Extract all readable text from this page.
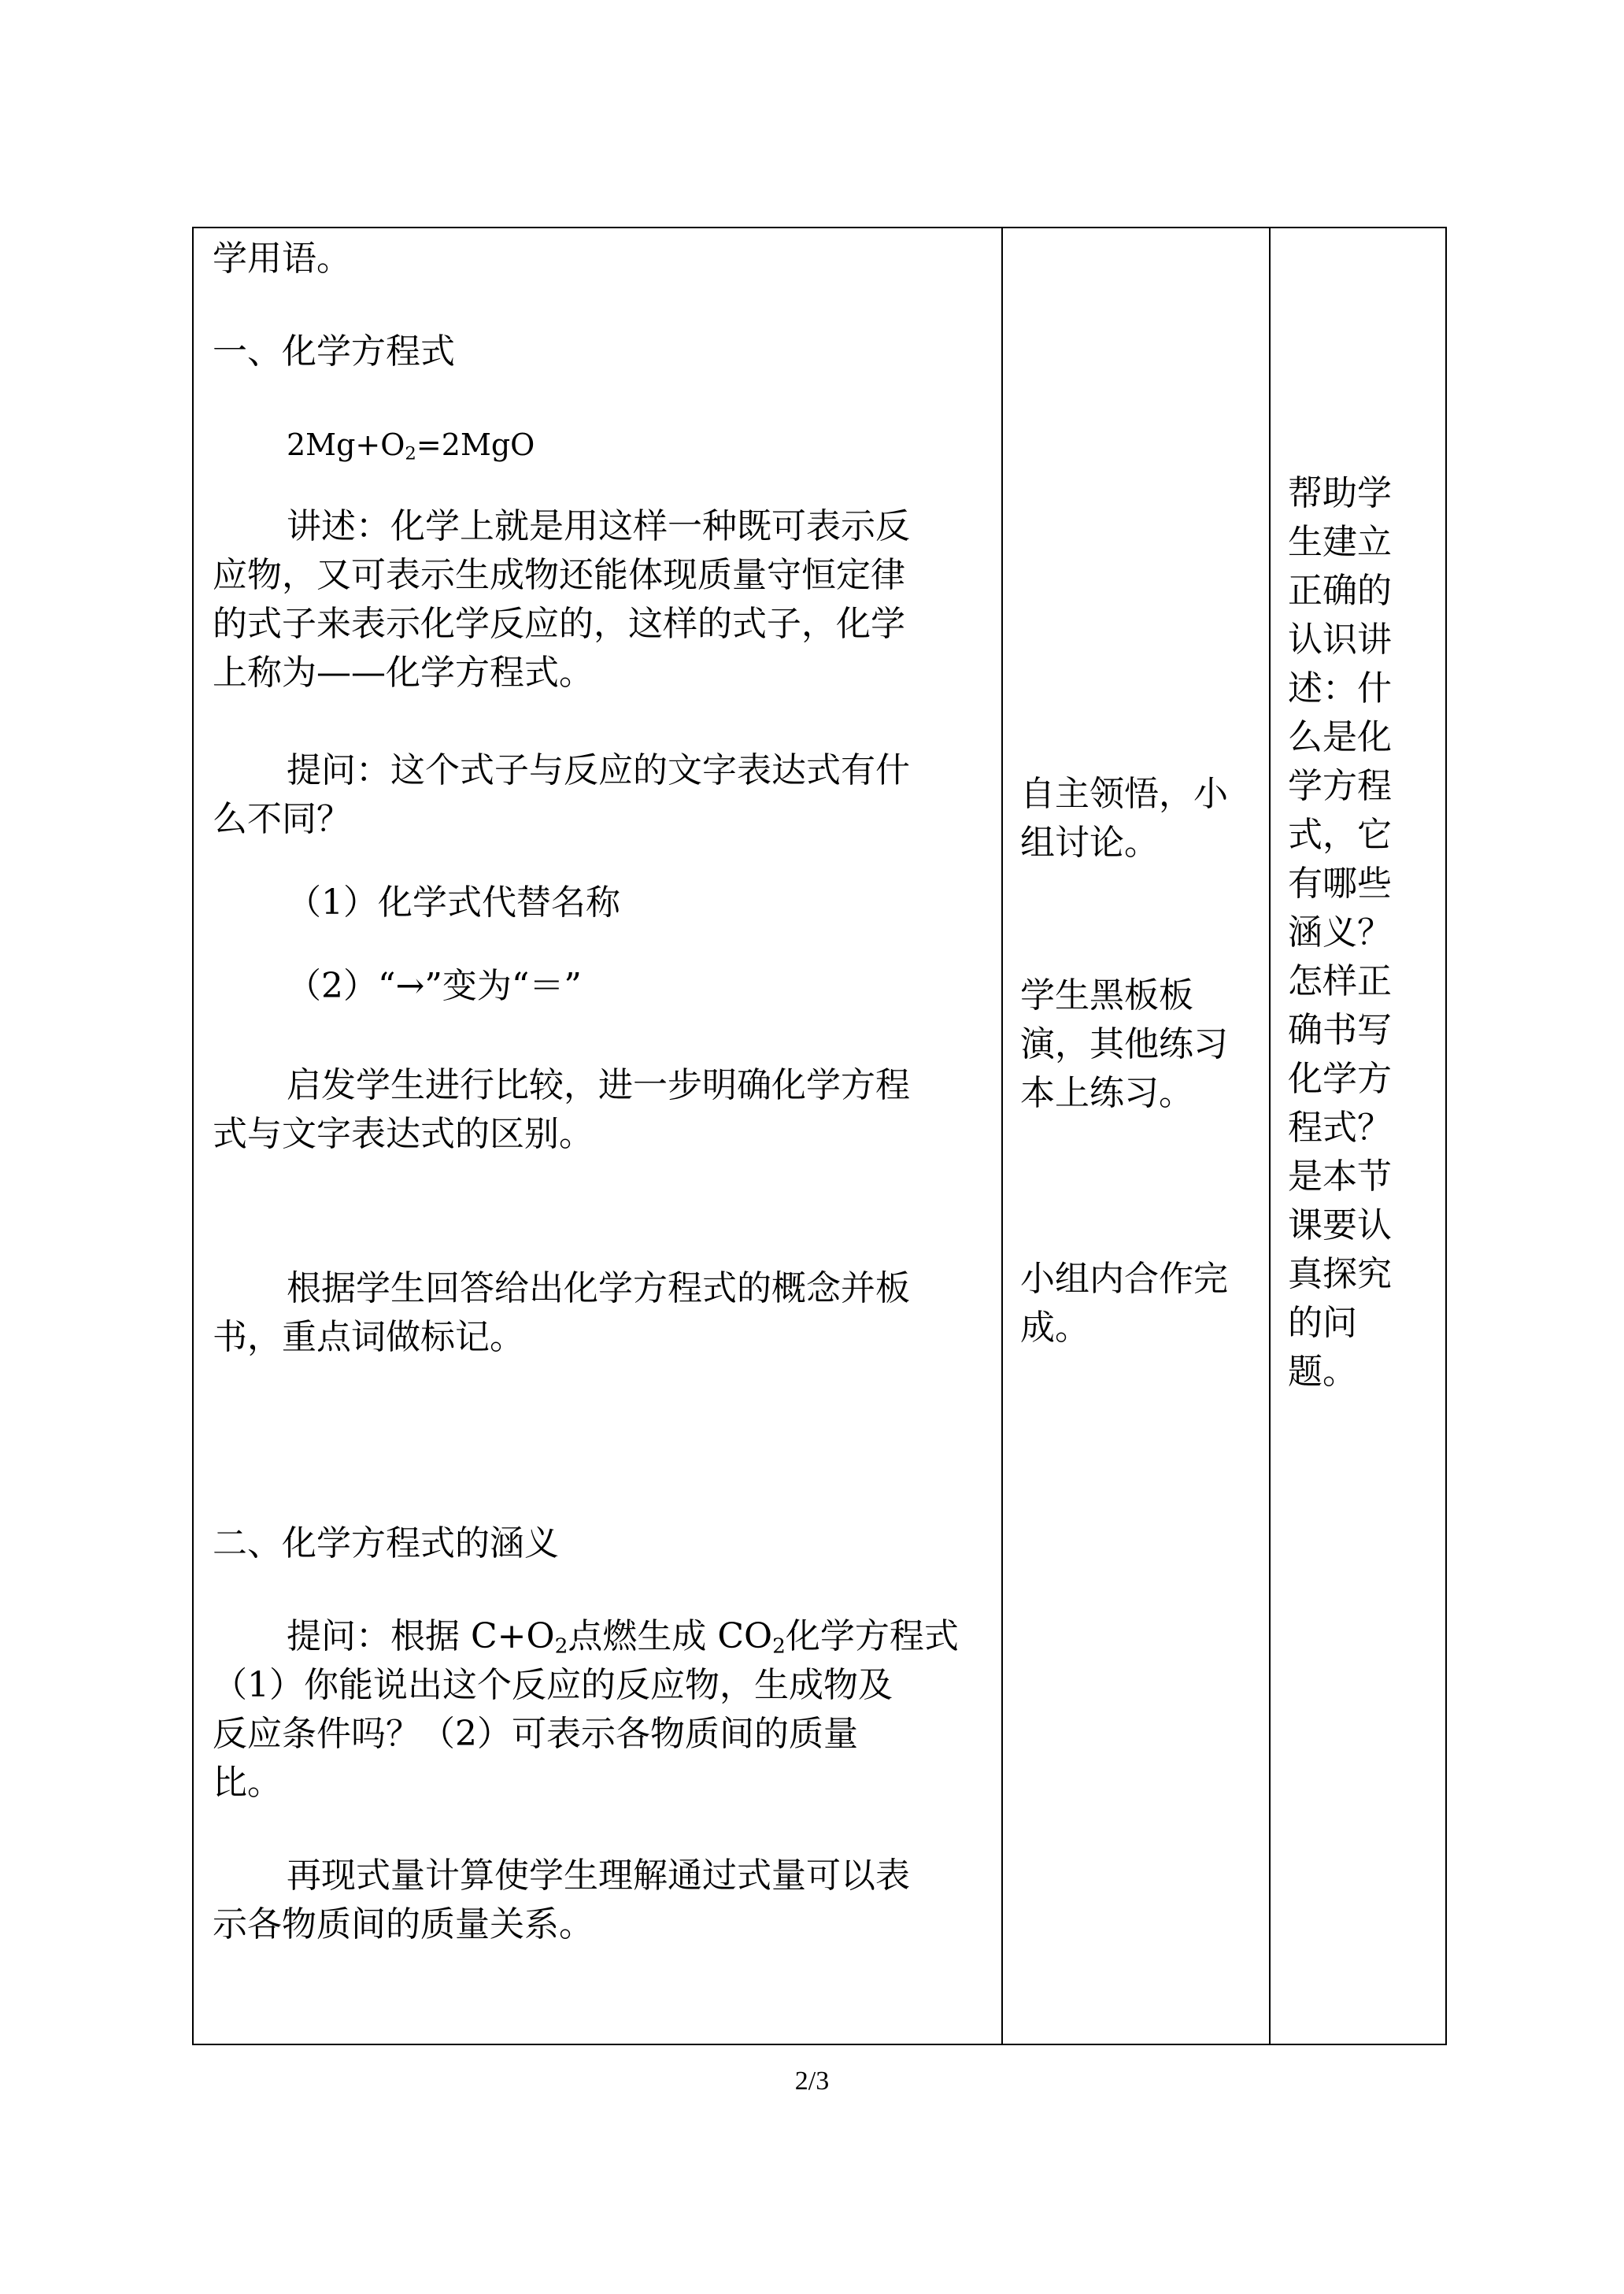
学用语。
一、化学方程式
$2Mg+O_2=2MgO$
讲述：化学上就是用这样一种既可表示反
应物，又可表示生成物还能体现质量守恒定律
的式子来表示化学反应的，这样的式子，化学
上称为——化学方程式。
提问：这个式子与反应的文字表达式有什
么不同？
（1）化学式代替名称
（2）“→”变为“＝”
启发学生进行比较，进一步明确化学方程
式与文字表达式的区别。
根据学生回答给出化学方程式的概念并板
书，重点词做标记。
二、化学方程式的涵义
提问：根据 $C+O_2$点燃生成 $CO_2$化学方程式
（1）你能说出这个反应的反应物，生成物及
反应条件吗？（2）可表示各物质间的质量
比。
再现式量计算使学生理解通过式量可以表
示各物质间的质量关系。
自主领悟，小
组讨论。
学生黑板板
演，其他练习
本上练习。
小组内合作完
成。
帮助学
生建立
正确的
认识讲
述：什
么是化
学方程
式，它
有哪些
涵义？
怎样正
确书写
化学方
程式？
是本节
课要认
真探究
的问
题。
2/3
